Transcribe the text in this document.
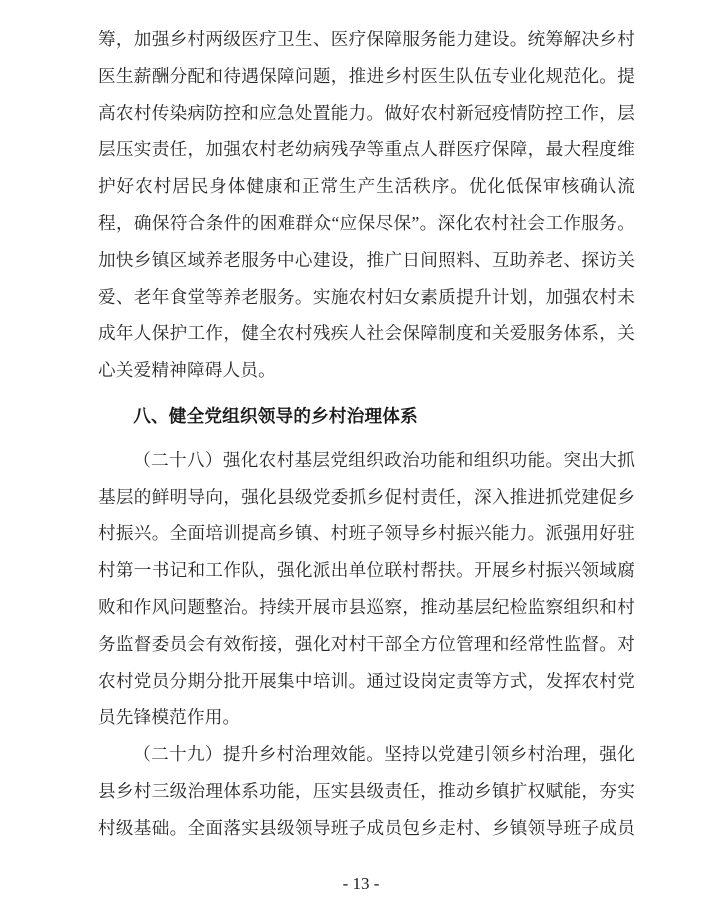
筹，加强乡村两级医疗卫生、医疗保障服务能力建设。统筹解决乡村
医生薪酬分配和待遇保障问题，推进乡村医生队伍专业化规范化。提
高农村传染病防控和应急处置能力。做好农村新冠疫情防控工作，层
层压实责任，加强农村老幼病残孕等重点人群医疗保障，最大程度维
护好农村居民身体健康和正常生产生活秩序。优化低保审核确认流
程，确保符合条件的困难群众“应保尽保”。深化农村社会工作服务。
加快乡镇区域养老服务中心建设，推广日间照料、互助养老、探访关
爱、老年食堂等养老服务。实施农村妇女素质提升计划，加强农村未
成年人保护工作，健全农村残疾人社会保障制度和关爱服务体系，关
心关爱精神障碍人员。
八、健全党组织领导的乡村治理体系
（二十八）强化农村基层党组织政治功能和组织功能。突出大抓
基层的鲜明导向，强化县级党委抓乡促村责任，深入推进抓党建促乡
村振兴。全面培训提高乡镇、村班子领导乡村振兴能力。派强用好驻
村第一书记和工作队，强化派出单位联村帮扶。开展乡村振兴领域腐
败和作风问题整治。持续开展市县巡察，推动基层纪检监察组织和村
务监督委员会有效衔接，强化对村干部全方位管理和经常性监督。对
农村党员分期分批开展集中培训。通过设岗定责等方式，发挥农村党
员先锋模范作用。
（二十九）提升乡村治理效能。坚持以党建引领乡村治理，强化
县乡村三级治理体系功能，压实县级责任，推动乡镇扩权赋能，夯实
村级基础。全面落实县级领导班子成员包乡走村、乡镇领导班子成员
- 13 -
